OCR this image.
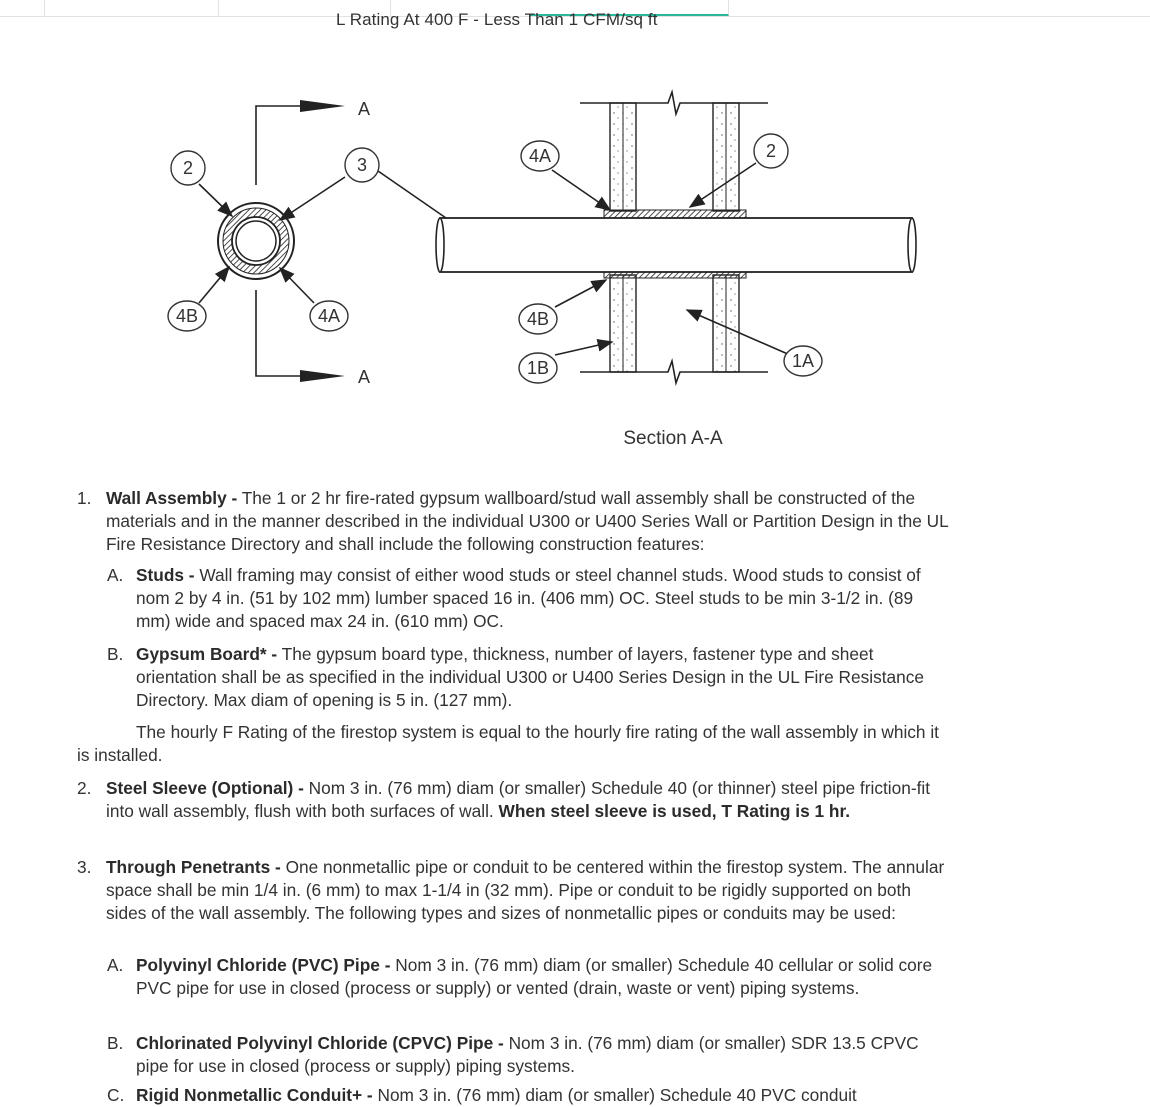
L Rating At 400 F - Less Than 1 CFM/sq ft
2	3
4B	4A
4A	2
4B
1B	1A
A
A
Section A-A
1. Wall Assembly - The 1 or 2 hr fire-rated gypsum wallboard/stud wall assembly shall be constructed of the materials and in the manner described in the individual U300 or U400 Series Wall or Partition Design in the UL Fire Resistance Directory and shall include the following construction features:
A. Studs - Wall framing may consist of either wood studs or steel channel studs. Wood studs to consist of nom 2 by 4 in. (51 by 102 mm) lumber spaced 16 in. (406 mm) OC. Steel studs to be min 3-1/2 in. (89 mm) wide and spaced max 24 in. (610 mm) OC.
B. Gypsum Board* - The gypsum board type, thickness, number of layers, fastener type and sheet orientation shall be as specified in the individual U300 or U400 Series Design in the UL Fire Resistance Directory. Max diam of opening is 5 in. (127 mm).
The hourly F Rating of the firestop system is equal to the hourly fire rating of the wall assembly in which it is installed.
2. Steel Sleeve (Optional) - Nom 3 in. (76 mm) diam (or smaller) Schedule 40 (or thinner) steel pipe friction-fit into wall assembly, flush with both surfaces of wall. When steel sleeve is used, T Rating is 1 hr.
3. Through Penetrants - One nonmetallic pipe or conduit to be centered within the firestop system. The annular space shall be min 1/4 in. (6 mm) to max 1-1/4 in (32 mm). Pipe or conduit to be rigidly supported on both sides of the wall assembly. The following types and sizes of nonmetallic pipes or conduits may be used:
A. Polyvinyl Chloride (PVC) Pipe - Nom 3 in. (76 mm) diam (or smaller) Schedule 40 cellular or solid core PVC pipe for use in closed (process or supply) or vented (drain, waste or vent) piping systems.
B. Chlorinated Polyvinyl Chloride (CPVC) Pipe - Nom 3 in. (76 mm) diam (or smaller) SDR 13.5 CPVC pipe for use in closed (process or supply) piping systems.
C. Rigid Nonmetallic Conduit+ - Nom 3 in. (76 mm) diam (or smaller) Schedule 40 PVC conduit
